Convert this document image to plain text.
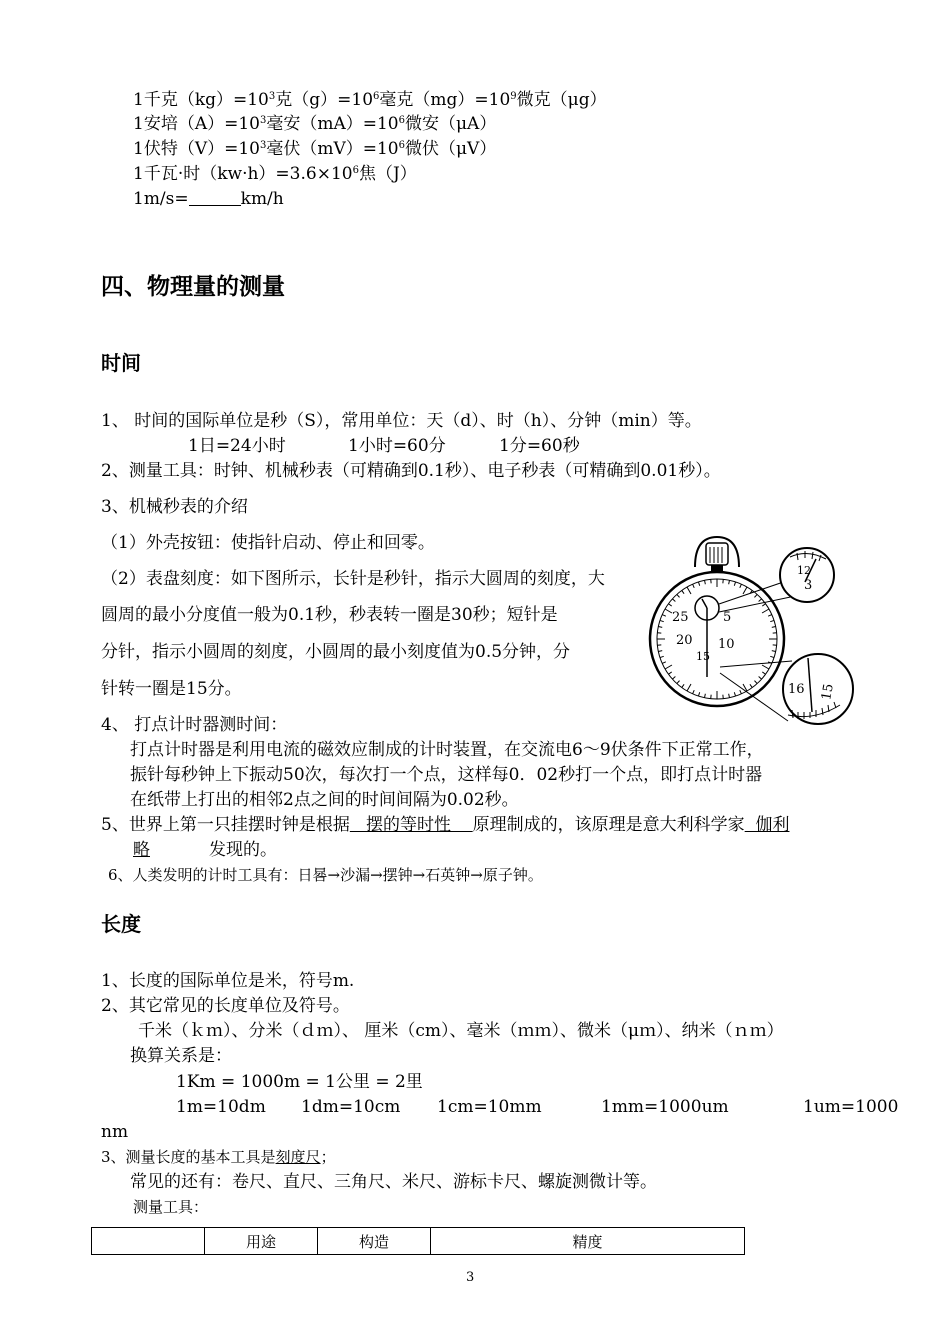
1千克$(kg)=10^3$克$(g)=10^6$毫克$(mg)=10^9$微克（μg）
1安培$(A)=10^3$毫安$(mA)=10^6$微安（μA）
1伏特$(V)=10^3$毫伏$(mV)=10^6$微伏（μV）
1千瓦·时$(kw\cdot h)=3.6\times 10^6$焦（J）
1m/s=	km/h
四、物理量的测量
时间
1、 时间的国际单位是秒（S），常用单位：天（d）、时（h）、分钟（min）等。
1日=24小时	1小时=60分	1分=60秒
2、测量工具：时钟、机械秒表（可精确到0.1秒）、电子秒表（可精确到0.01秒）。
3、机械秒表的介绍
（1）外壳按钮：使指针启动、停止和回零。
（2）表盘刻度：如下图所示，长针是秒针，指示大圆周的刻度，大
圆周的最小分度值一般为0.1秒，秒表转一圈是30秒；短针是
分针，指示小圆周的刻度，小圆周的最小刻度值为0.5分钟，分
针转一圈是15分。
25	5
20 10
15
12
3
16 15
4、 打点计时器测时间：
打点计时器是利用电流的磁效应制成的计时装置，在交流电6～9伏条件下正常工作，
振针每秒钟上下振动50次，每次打一个点，这样每0．02秒打一个点，即打点计时器
在纸带上打出的相邻2点之间的时间间隔为0.02秒。
5、世界上第一只挂摆时钟是根据   摆的等时性    原理制成的，该原理是意大利科学家  伽利
略	发现的。
6、人类发明的计时工具有：日晷→沙漏→摆钟→石英钟→原子钟。
长度
1、长度的国际单位是米，符号m.
2、其它常见的长度单位及符号。
千米（ｋｍ）、分米（ｄｍ）、 厘米（cm）、毫米（ｍｍ）、微米（μｍ）、纳米（ｎｍ）
换算关系是：
1Km = 1000m = 1公里 = 2里
1m=10dm 1dm=10cm 1cm=10mm	1mm=1000um	1um=1000
nm
3、测量长度的基本工具是刻度尺；
常见的还有：卷尺、直尺、三角尺、米尺、游标卡尺、螺旋测微计等。
测量工具：
	用途	构造	精度
3
